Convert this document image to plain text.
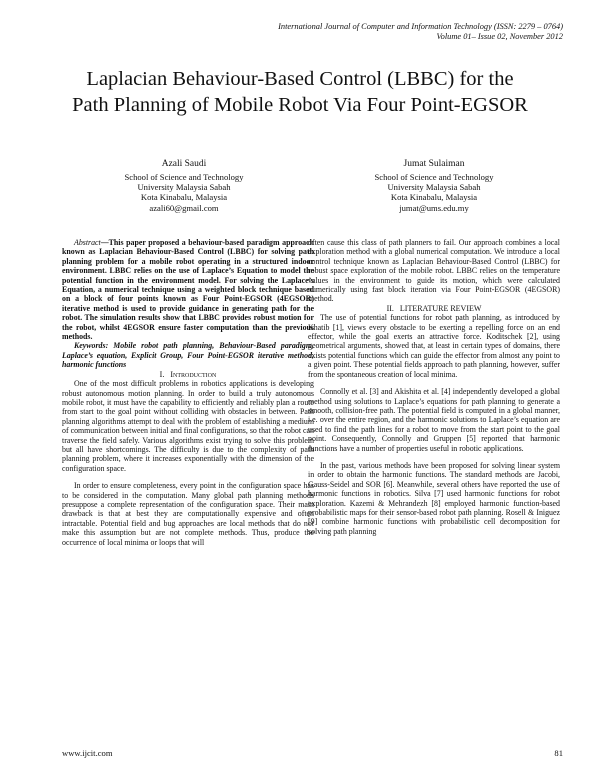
International Journal of Computer and Information Technology (ISSN: 2279 – 0764)
Volume 01– Issue 02, November 2012
Laplacian Behaviour-Based Control (LBBC) for the
Path Planning of Mobile Robot Via Four Point-EGSOR
Azali Saudi
School of Science and Technology
University Malaysia Sabah
Kota Kinabalu, Malaysia
azali60@gmail.com
Jumat Sulaiman
School of Science and Technology
University Malaysia Sabah
Kota Kinabalu, Malaysia
jumat@ums.edu.my

Abstract—This paper proposed a behaviour-based paradigm approach known as Laplacian Behaviour-Based Control (LBBC) for solving path planning problem for a mobile robot operating in a structured indoor environment. LBBC relies on the use of Laplace’s Equation to model the potential function in the environment model. For solving the Laplace’s Equation, a numerical technique using a weighted block technique based on a block of four points known as Four Point-EGSOR (4EGSOR) iterative method is used to provide guidance in generating path for the robot. The simulation results show that LBBC provides robust motion for the robot, whilst 4EGSOR ensure faster computation than the previous methods.

Keywords: Mobile robot path planning, Behaviour-Based paradigm, Laplace’s equation, Explicit Group, Four Point-EGSOR iterative method, harmonic functions

I. Introduction

One of the most difficult problems in robotics applications is developing robust autonomous motion planning. In order to build a truly autonomous mobile robot, it must have the capability to efficiently and reliably plan a route from start to the goal point without colliding with obstacles in between. Path planning algorithms attempt to deal with the problem of establishing a medium of communication between initial and final configurations, so that the robot can traverse the field safely. Various algorithms exist trying to solve this problem but all have shortcomings. The difficulty is due to the complexity of path planning problem, where it increases exponentially with the dimension of the configuration space.

In order to ensure completeness, every point in the configuration space has to be considered in the computation. Many global path planning methods presuppose a complete representation of the configuration space. Their main drawback is that at best they are computationally expensive and often intractable. Potential field and bug approaches are local methods that do not make this assumption but are not complete methods. Thus, produce the occurrence of local minima or loops that will

often cause this class of path planners to fail. Our approach combines a local exploration method with a global numerical computation. We introduce a local control technique known as Laplacian Behaviour-Based Control (LBBC) for robust space exploration of the mobile robot. LBBC relies on the temperature values in the environment to guide its motion, which were calculated numerically using fast block iteration via Four Point-EGSOR (4EGSOR) method.

II. LITERATURE REVIEW

The use of potential functions for robot path planning, as introduced by Khatib [1], views every obstacle to be exerting a repelling force on an end effector, while the goal exerts an attractive force. Koditschek [2], using geometrical arguments, showed that, at least in certain types of domains, there exists potential functions which can guide the effector from almost any point to a given point. These potential fields approach to path planning, however, suffer from the spontaneous creation of local minima.

Connolly et al. [3] and Akishita et al. [4] independently developed a global method using solutions to Laplace’s equations for path planning to generate a smooth, collision-free path. The potential field is computed in a global manner, i.e. over the entire region, and the harmonic solutions to Laplace’s equation are used to find the path lines for a robot to move from the start point to the goal point. Consequently, Connolly and Gruppen [5] reported that harmonic functions have a number of properties useful in robotic applications.

In the past, various methods have been proposed for solving linear system in order to obtain the harmonic functions. The standard methods are Jacobi, Gauss-Seidel and SOR [6]. Meanwhile, several others have reported the use of harmonic functions in robotics. Silva [7] used harmonic functions for robot exploration. Kazemi & Mehrandezh [8] employed harmonic function-based probabilistic maps for their sensor-based robot path planning. Rosell & Iniguez [9] combine harmonic functions with probabilistic cell decomposition for solving path planning

www.ijcit.com	81
